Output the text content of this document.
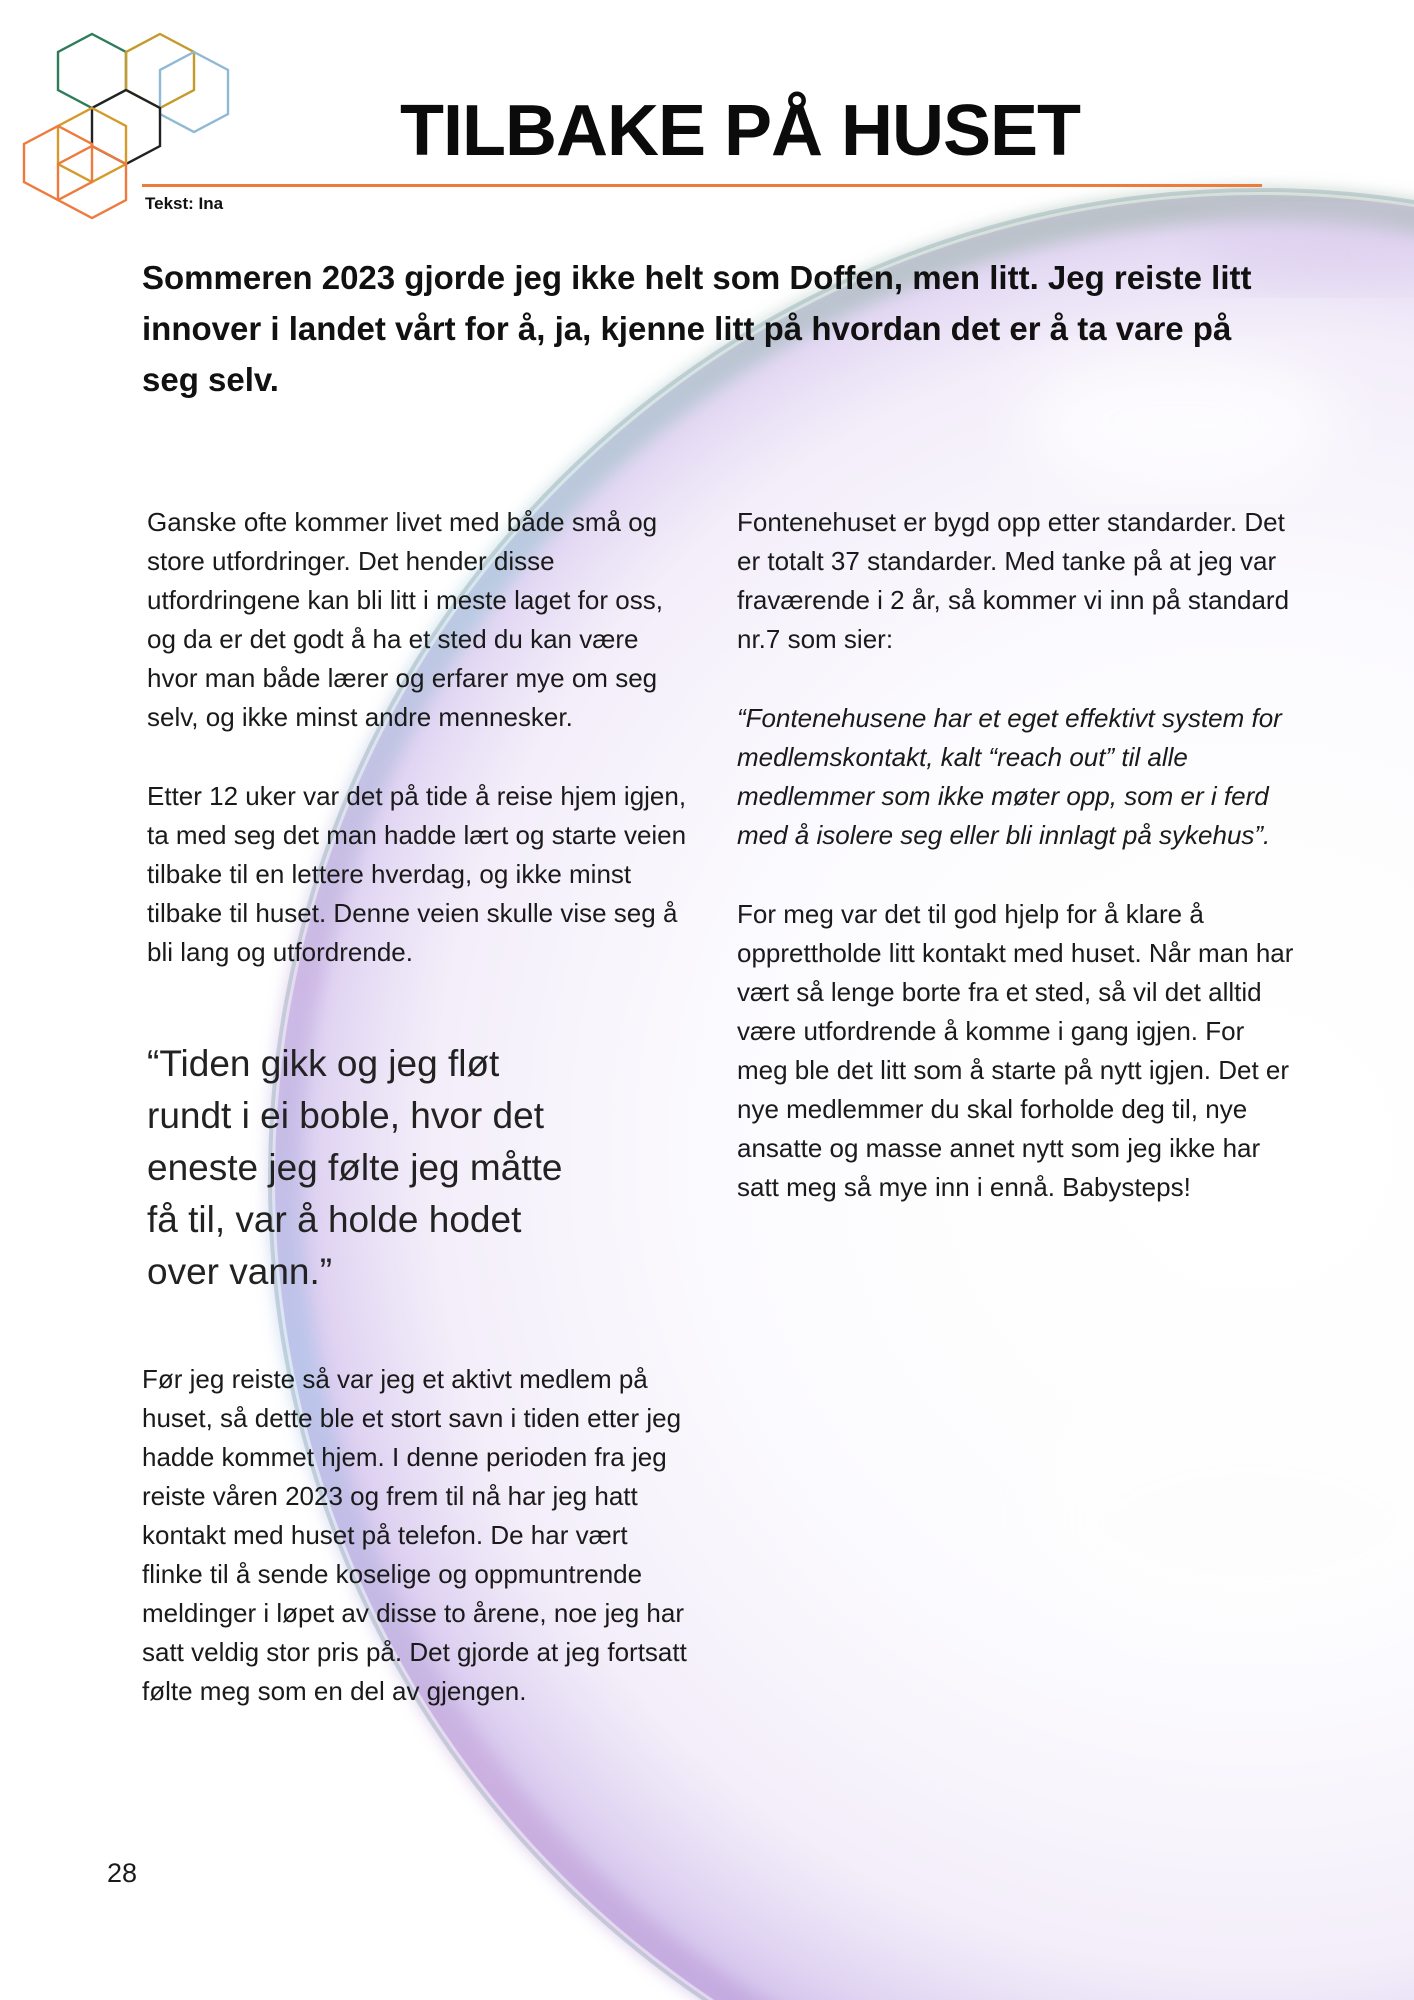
TILBAKE PÅ HUSET
Tekst: Ina

Sommeren 2023 gjorde jeg ikke helt som Doffen, men litt. Jeg reiste litt innover i landet vårt for å, ja, kjenne litt på hvordan det er å ta vare på seg selv.

Ganske ofte kommer livet med både små og store utfordringer. Det hender disse utfordringene kan bli litt i meste laget for oss, og da er det godt å ha et sted du kan være hvor man både lærer og erfarer mye om seg selv, og ikke minst andre mennesker.

Etter 12 uker var det på tide å reise hjem igjen, ta med seg det man hadde lært og starte veien tilbake til en lettere hverdag, og ikke minst tilbake til huset. Denne veien skulle vise seg å bli lang og utfordrende.

“Tiden gikk og jeg fløt rundt i ei boble, hvor det eneste jeg følte jeg måtte få til, var å holde hodet over vann.”

Før jeg reiste så var jeg et aktivt medlem på huset, så dette ble et stort savn i tiden etter jeg hadde kommet hjem. I denne perioden fra jeg reiste våren 2023 og frem til nå har jeg hatt kontakt med huset på telefon. De har vært flinke til å sende koselige og oppmuntrende meldinger i løpet av disse to årene, noe jeg har satt veldig stor pris på. Det gjorde at jeg fortsatt følte meg som en del av gjengen.

Fontenehuset er bygd opp etter standarder. Det er totalt 37 standarder. Med tanke på at jeg var fraværende i 2 år, så kommer vi inn på standard nr.7 som sier:

“Fontenehusene har et eget effektivt system for medlemskontakt, kalt “reach out” til alle medlemmer som ikke møter opp, som er i ferd med å isolere seg eller bli innlagt på sykehus”.

For meg var det til god hjelp for å klare å opprettholde litt kontakt med huset. Når man har vært så lenge borte fra et sted, så vil det alltid være utfordrende å komme i gang igjen. For meg ble det litt som å starte på nytt igjen. Det er nye medlemmer du skal forholde deg til, nye ansatte og masse annet nytt som jeg ikke har satt meg så mye inn i ennå. Babysteps!

28
